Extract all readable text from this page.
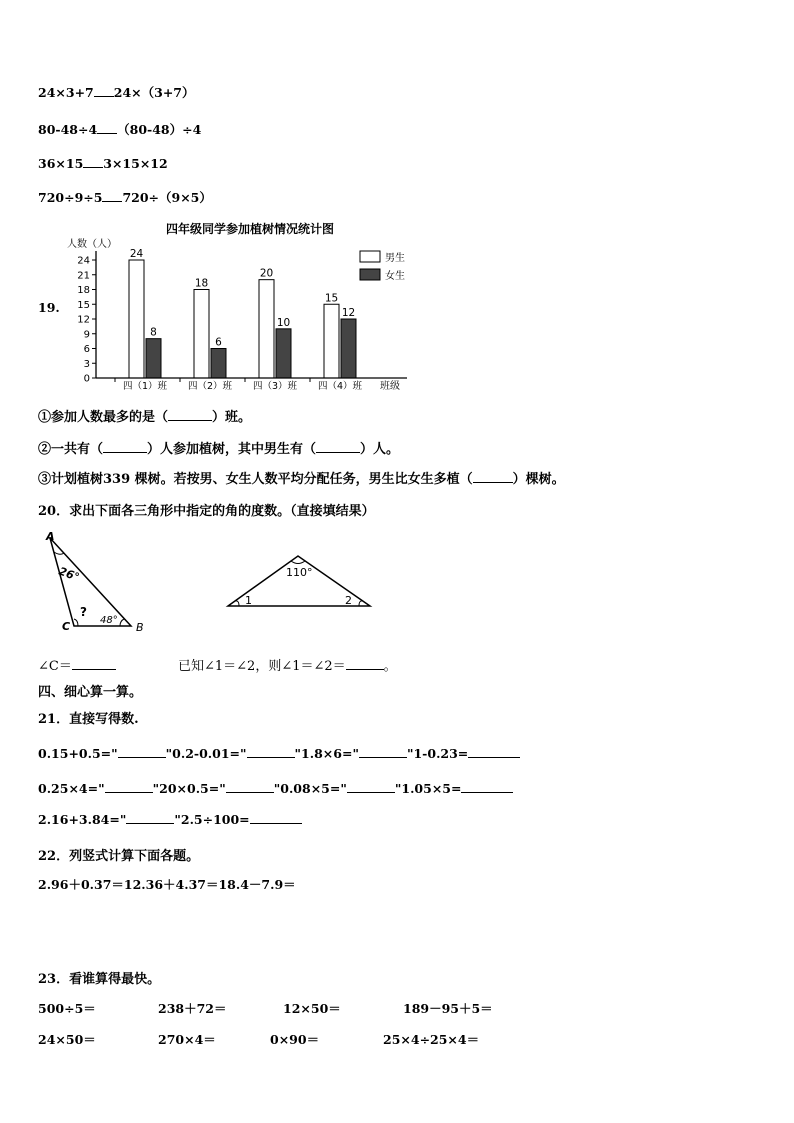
24×3+7 24×（3+7）
80-48÷4 （80-48）÷4
36×15 3×15×12
720÷9÷5 720÷（9×5）
19.
四年级同学参加植树情况统计图
人数（人）
0
3
6
9
12
15
18
21
24
24
8
18
6
20
10
15
12
四（1）班 四（2）班 四（3）班 四（4）班 班级
男生
女生
①参加人数最多的是（	）班。
②一共有（	）人参加植树，其中男生有（	）人。
③计划植树339 棵树。若按男、女生人数平均分配任务，男生比女生多植（	）棵树。
20．求出下面各三角形中指定的角的度数。（直接填结果）
A
B
C
26°
?
48°
110°
1	2
∠C＝	已知∠1＝∠2，则∠1＝∠2＝	。
四、细心算一算。
21．直接写得数.
0.15+0.5="	"0.2-0.01="	"1.8×6="	"1-0.23=
0.25×4="	"20×0.5="	"0.08×5="	"1.05×5=
2.16+3.84="	"2.5÷100=
22．列竖式计算下面各题。
2.96＋0.37＝12.36＋4.37＝18.4－7.9＝
23．看谁算得最快。
500÷5＝	238＋72＝	12×50＝	189－95＋5＝
24×50＝	270×4＝	0×90＝	25×4÷25×4＝
